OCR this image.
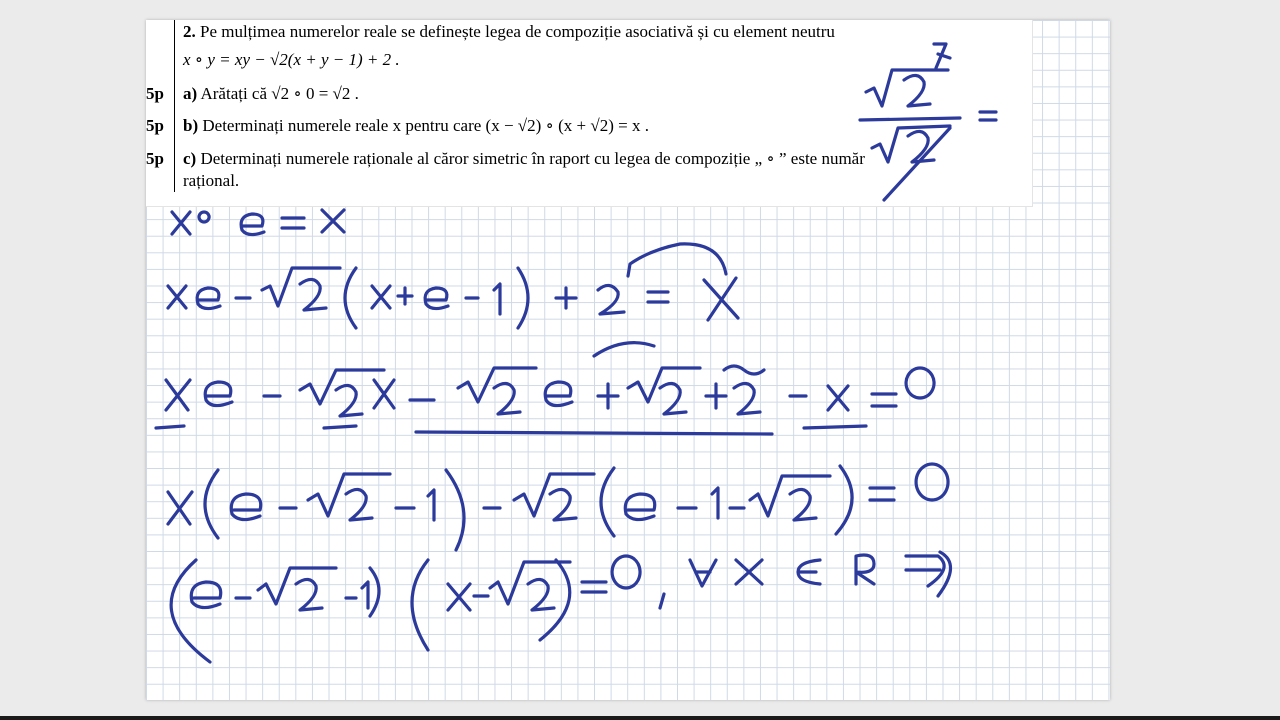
2. Pe mulțimea numerelor reale se definește legea de compoziție asociativă și cu element neutru
x ∘ y = xy − √2(x + y − 1) + 2 .
5p a) Arătați că √2 ∘ 0 = √2 .
5p b) Determinați numerele reale x pentru care (x − √2) ∘ (x + √2) = x .
5p c) Determinați numerele raționale al căror simetric în raport cu legea de compoziție „ ∘ ” este număr
rațional.
